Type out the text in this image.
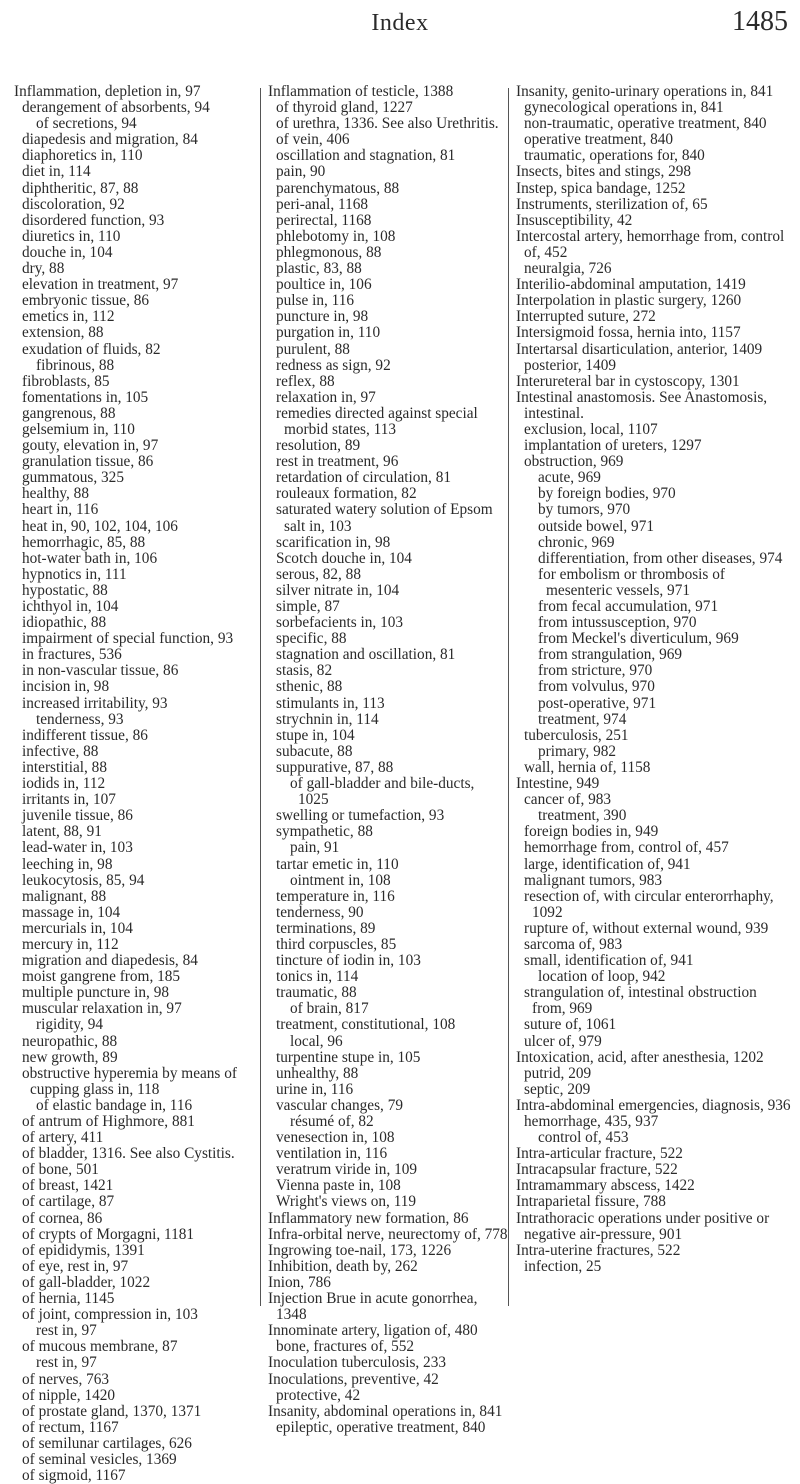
Index	1485
Inflammation, depletion in, 97
derangement of absorbents, 94
of secretions, 94
diapedesis and migration, 84
diaphoretics in, 110
diet in, 114
diphtheritic, 87, 88
discoloration, 92
disordered function, 93
diuretics in, 110
douche in, 104
dry, 88
elevation in treatment, 97
embryonic tissue, 86
emetics in, 112
extension, 88
exudation of fluids, 82
fibrinous, 88
fibroblasts, 85
fomentations in, 105
gangrenous, 88
gelsemium in, 110
gouty, elevation in, 97
granulation tissue, 86
gummatous, 325
healthy, 88
heart in, 116
heat in, 90, 102, 104, 106
hemorrhagic, 85, 88
hot-water bath in, 106
hypnotics in, 111
hypostatic, 88
ichthyol in, 104
idiopathic, 88
impairment of special function, 93
in fractures, 536
in non-vascular tissue, 86
incision in, 98
increased irritability, 93
tenderness, 93
indifferent tissue, 86
infective, 88
interstitial, 88
iodids in, 112
irritants in, 107
juvenile tissue, 86
latent, 88, 91
lead-water in, 103
leeching in, 98
leukocytosis, 85, 94
malignant, 88
massage in, 104
mercurials in, 104
mercury in, 112
migration and diapedesis, 84
moist gangrene from, 185
multiple puncture in, 98
muscular relaxation in, 97
rigidity, 94
neuropathic, 88
new growth, 89
obstructive hyperemia by means of cupping glass in, 118
of elastic bandage in, 116
of antrum of Highmore, 881
of artery, 411
of bladder, 1316. See also Cystitis.
of bone, 501
of breast, 1421
of cartilage, 87
of cornea, 86
of crypts of Morgagni, 1181
of epididymis, 1391
of eye, rest in, 97
of gall-bladder, 1022
of hernia, 1145
of joint, compression in, 103
rest in, 97
of mucous membrane, 87
rest in, 97
of nerves, 763
of nipple, 1420
of prostate gland, 1370, 1371
of rectum, 1167
of semilunar cartilages, 626
of seminal vesicles, 1369
of sigmoid, 1167
Inflammation of testicle, 1388
of thyroid gland, 1227
of urethra, 1336. See also Urethritis.
of vein, 406
oscillation and stagnation, 81
pain, 90
parenchymatous, 88
peri-anal, 1168
perirectal, 1168
phlebotomy in, 108
phlegmonous, 88
plastic, 83, 88
poultice in, 106
pulse in, 116
puncture in, 98
purgation in, 110
purulent, 88
redness as sign, 92
reflex, 88
relaxation in, 97
remedies directed against special morbid states, 113
resolution, 89
rest in treatment, 96
retardation of circulation, 81
rouleaux formation, 82
saturated watery solution of Epsom salt in, 103
scarification in, 98
Scotch douche in, 104
serous, 82, 88
silver nitrate in, 104
simple, 87
sorbefacients in, 103
specific, 88
stagnation and oscillation, 81
stasis, 82
sthenic, 88
stimulants in, 113
strychnin in, 114
stupe in, 104
subacute, 88
suppurative, 87, 88
of gall-bladder and bile-ducts, 1025
swelling or tumefaction, 93
sympathetic, 88
pain, 91
tartar emetic in, 110
ointment in, 108
temperature in, 116
tenderness, 90
terminations, 89
third corpuscles, 85
tincture of iodin in, 103
tonics in, 114
traumatic, 88
of brain, 817
treatment, constitutional, 108
local, 96
turpentine stupe in, 105
unhealthy, 88
urine in, 116
vascular changes, 79
résumé of, 82
venesection in, 108
ventilation in, 116
veratrum viride in, 109
Vienna paste in, 108
Wright's views on, 119
Inflammatory new formation, 86
Infra-orbital nerve, neurectomy of, 778
Ingrowing toe-nail, 173, 1226
Inhibition, death by, 262
Inion, 786
Injection Brue in acute gonorrhea, 1348
Innominate artery, ligation of, 480
bone, fractures of, 552
Inoculation tuberculosis, 233
Inoculations, preventive, 42
protective, 42
Insanity, abdominal operations in, 841
epileptic, operative treatment, 840
Insanity, genito-urinary operations in, 841
gynecological operations in, 841
non-traumatic, operative treatment, 840
operative treatment, 840
traumatic, operations for, 840
Insects, bites and stings, 298
Instep, spica bandage, 1252
Instruments, sterilization of, 65
Insusceptibility, 42
Intercostal artery, hemorrhage from, control of, 452
neuralgia, 726
Interilio-abdominal amputation, 1419
Interpolation in plastic surgery, 1260
Interrupted suture, 272
Intersigmoid fossa, hernia into, 1157
Intertarsal disarticulation, anterior, 1409
posterior, 1409
Interureteral bar in cystoscopy, 1301
Intestinal anastomosis. See Anastomosis, intestinal.
exclusion, local, 1107
implantation of ureters, 1297
obstruction, 969
acute, 969
by foreign bodies, 970
by tumors, 970
outside bowel, 971
chronic, 969
differentiation, from other diseases, 974
for embolism or thrombosis of mesenteric vessels, 971
from fecal accumulation, 971
from intussusception, 970
from Meckel's diverticulum, 969
from strangulation, 969
from stricture, 970
from volvulus, 970
post-operative, 971
treatment, 974
tuberculosis, 251
primary, 982
wall, hernia of, 1158
Intestine, 949
cancer of, 983
treatment, 390
foreign bodies in, 949
hemorrhage from, control of, 457
large, identification of, 941
malignant tumors, 983
resection of, with circular enterorrhaphy, 1092
rupture of, without external wound, 939
sarcoma of, 983
small, identification of, 941
location of loop, 942
strangulation of, intestinal obstruction from, 969
suture of, 1061
ulcer of, 979
Intoxication, acid, after anesthesia, 1202
putrid, 209
septic, 209
Intra-abdominal emergencies, diagnosis, 936
hemorrhage, 435, 937
control of, 453
Intra-articular fracture, 522
Intracapsular fracture, 522
Intramammary abscess, 1422
Intraparietal fissure, 788
Intrathoracic operations under positive or negative air-pressure, 901
Intra-uterine fractures, 522
infection, 25
